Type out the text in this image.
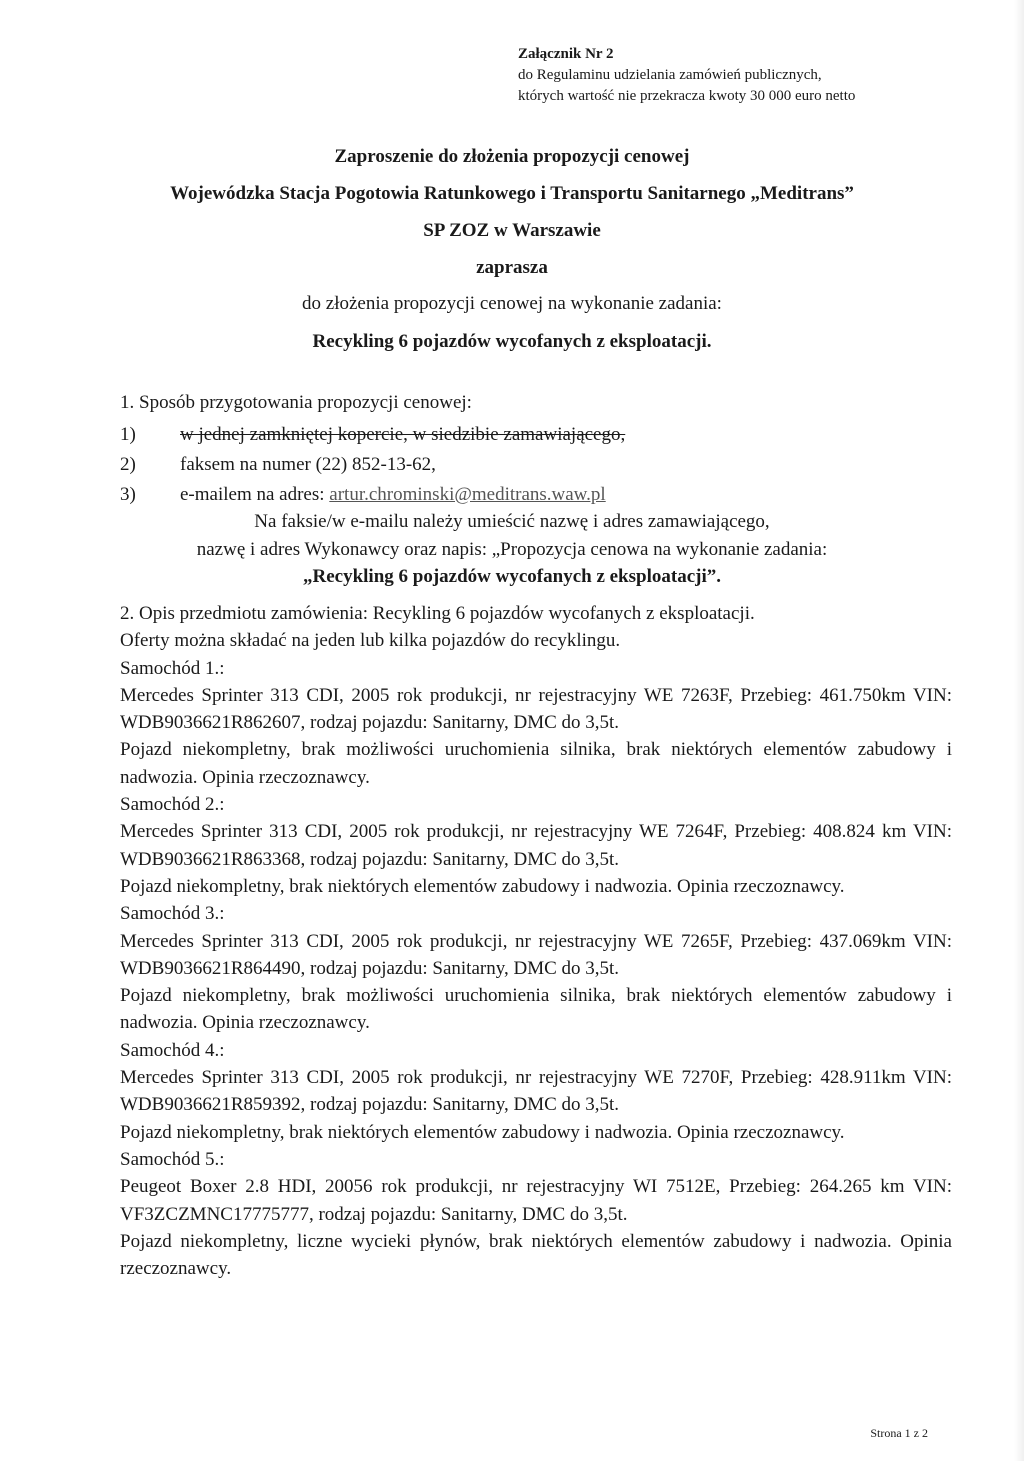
Załącznik Nr 2
do Regulaminu udzielania zamówień publicznych,
których wartość nie przekracza kwoty 30 000 euro netto
Zaproszenie do złożenia propozycji cenowej
Wojewódzka Stacja Pogotowia Ratunkowego i Transportu Sanitarnego „Meditrans”
SP ZOZ w Warszawie
zaprasza
do złożenia propozycji cenowej na wykonanie zadania:
Recykling 6 pojazdów wycofanych z eksploatacji.
1. Sposób przygotowania propozycji cenowej:
1) w jednej zamkniętej kopercie, w siedzibie zamawiającego,
2) faksem na numer (22) 852-13-62,
3) e-mailem na adres: artur.chrominski@meditrans.waw.pl
Na faksie/w e-mailu należy umieścić nazwę i adres zamawiającego,
nazwę i adres Wykonawcy oraz napis: „Propozycja cenowa na wykonanie zadania:
„Recykling 6 pojazdów wycofanych z eksploatacji”.

2. Opis przedmiotu zamówienia: Recykling 6 pojazdów wycofanych z eksploatacji.

Oferty można składać na jeden lub kilka pojazdów do recyklingu.

Samochód 1.:

Mercedes Sprinter 313 CDI, 2005 rok produkcji, nr rejestracyjny WE 7263F, Przebieg: 461.750km VIN: WDB9036621R862607, rodzaj pojazdu: Sanitarny, DMC do 3,5t.

Pojazd niekompletny, brak możliwości uruchomienia silnika, brak niektórych elementów zabudowy i nadwozia. Opinia rzeczoznawcy.

Samochód 2.:

Mercedes Sprinter 313 CDI, 2005 rok produkcji, nr rejestracyjny WE 7264F, Przebieg: 408.824 km VIN: WDB9036621R863368, rodzaj pojazdu: Sanitarny, DMC do 3,5t.

Pojazd niekompletny, brak niektórych elementów zabudowy i nadwozia. Opinia rzeczoznawcy.

Samochód 3.:

Mercedes Sprinter 313 CDI, 2005 rok produkcji, nr rejestracyjny WE 7265F, Przebieg: 437.069km VIN: WDB9036621R864490, rodzaj pojazdu: Sanitarny, DMC do 3,5t.

Pojazd niekompletny, brak możliwości uruchomienia silnika, brak niektórych elementów zabudowy i nadwozia. Opinia rzeczoznawcy.

Samochód 4.:

Mercedes Sprinter 313 CDI, 2005 rok produkcji, nr rejestracyjny WE 7270F, Przebieg: 428.911km VIN: WDB9036621R859392, rodzaj pojazdu: Sanitarny, DMC do 3,5t.

Pojazd niekompletny, brak niektórych elementów zabudowy i nadwozia. Opinia rzeczoznawcy.

Samochód 5.:

Peugeot Boxer 2.8 HDI, 20056 rok produkcji, nr rejestracyjny WI 7512E, Przebieg: 264.265 km VIN: VF3ZCZMNC17775777, rodzaj pojazdu: Sanitarny, DMC do 3,5t.

Pojazd niekompletny, liczne wycieki płynów, brak niektórych elementów zabudowy i nadwozia. Opinia rzeczoznawcy.

Strona 1 z 2
